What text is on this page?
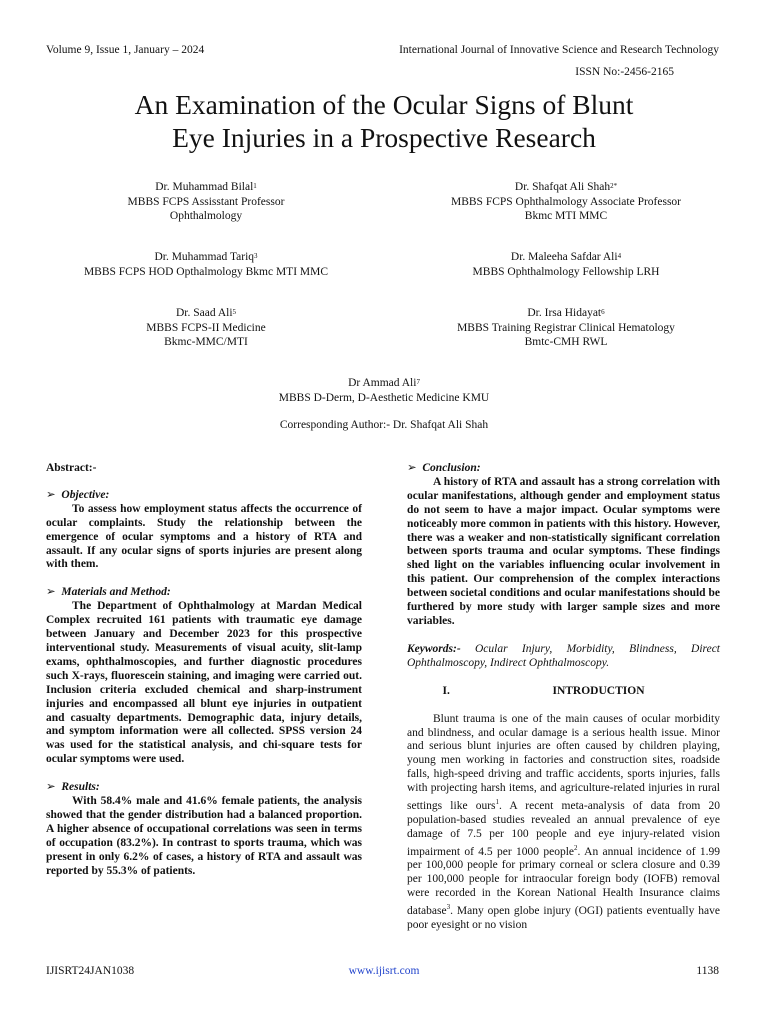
Volume 9, Issue 1, January – 2024	International Journal of Innovative Science and Research Technology
ISSN No:-2456-2165
An Examination of the Ocular Signs of Blunt
Eye Injuries in a Prospective Research
Dr. Muhammad Bilal$^1$
MBBS FCPS Assisstant Professor
Ophthalmology
Dr. Shafqat Ali Shah$^{2*}$
MBBS FCPS Ophthalmology Associate Professor
Bkmc MTI MMC
Dr. Muhammad Tariq$^3$
MBBS FCPS HOD Opthalmology Bkmc MTI MMC
Dr. Maleeha Safdar Ali$^4$
MBBS Ophthalmology Fellowship LRH
Dr. Saad Ali$^5$
MBBS FCPS-II Medicine
Bkmc-MMC/MTI
Dr. Irsa Hidayat$^6$
MBBS Training Registrar Clinical Hematology
Bmtc-CMH RWL
Dr Ammad Ali$^7$
MBBS D-Derm, D-Aesthetic Medicine KMU
Corresponding Author:- Dr. Shafqat Ali Shah

Abstract:-

➢ Objective:

To assess how employment status affects the occurrence of ocular complaints. Study the relationship between the emergence of ocular symptoms and a history of RTA and assault. If any ocular signs of sports injuries are present along with them.

➢ Materials and Method:

The Department of Ophthalmology at Mardan Medical Complex recruited 161 patients with traumatic eye damage between January and December 2023 for this prospective interventional study. Measurements of visual acuity, slit-lamp exams, ophthalmoscopies, and further diagnostic procedures such X-rays, fluorescein staining, and imaging were carried out. Inclusion criteria excluded chemical and sharp-instrument injuries and encompassed all blunt eye injuries in outpatient and casualty departments. Demographic data, injury details, and symptom information were all collected. SPSS version 24 was used for the statistical analysis, and chi-square tests for ocular symptoms were used.

➢ Results:

With 58.4% male and 41.6% female patients, the analysis showed that the gender distribution had a balanced proportion. A higher absence of occupational correlations was seen in terms of occupation (83.2%). In contrast to sports trauma, which was present in only 6.2% of cases, a history of RTA and assault was reported by 55.3% of patients.

➢ Conclusion:

A history of RTA and assault has a strong correlation with ocular manifestations, although gender and employment status do not seem to have a major impact. Ocular symptoms were noticeably more common in patients with this history. However, there was a weaker and non-statistically significant correlation between sports trauma and ocular symptoms. These findings shed light on the variables influencing ocular involvement in this patient. Our comprehension of the complex interactions between societal conditions and ocular manifestations should be furthered by more study with larger sample sizes and more variables.

Keywords:- Ocular Injury, Morbidity, Blindness, Direct Ophthalmoscopy, Indirect Ophthalmoscopy.

I.	INTRODUCTION

Blunt trauma is one of the main causes of ocular morbidity and blindness, and ocular damage is a serious health issue. Minor and serious blunt injuries are often caused by children playing, young men working in factories and construction sites, roadside falls, high-speed driving and traffic accidents, sports injuries, falls with projecting harsh items, and agriculture-related injuries in rural settings like ours$^1$. A recent meta-analysis of data from 20 population-based studies revealed an annual prevalence of eye damage of 7.5 per 100 people and eye injury-related vision impairment of 4.5 per 1000 people$^2$. An annual incidence of 1.99 per 100,000 people for primary corneal or sclera closure and 0.39 per 100,000 people for intraocular foreign body (IOFB) removal were recorded in the Korean National Health Insurance claims database$^3$. Many open globe injury (OGI) patients eventually have poor eyesight or no vision

IJISRT24JAN1038	www.ijisrt.com	1138
